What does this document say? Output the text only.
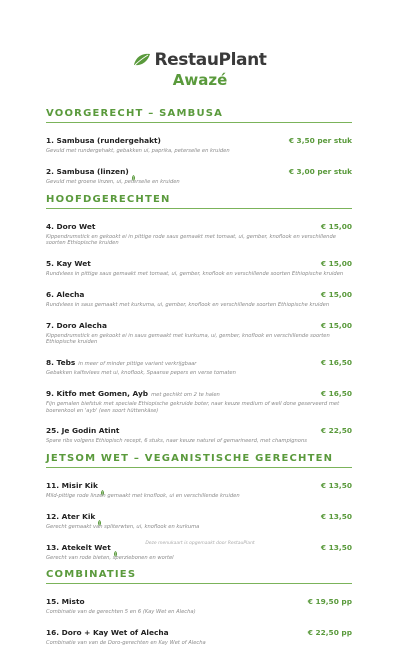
RestauPlant
Awazé
VOORGERECHT – SAMBUSA
1. Sambusa (rundergehakt)	€ 3,50 per stuk
Gevuld met rundergehakt, gebakken ui, paprika, peterselie en kruiden
2. Sambusa (linzen)	€ 3,00 per stuk
Gevuld met groene linzen, ui, peterselie en kruiden
HOOFDGERECHTEN
4. Doro Wet	€ 15,00
Kippendrumstick en gekookt ei in pittige rode saus gemaakt met tomaat, ui, gember, knoflook en verschillende soorten Ethiopische kruiden
5. Kay Wet	€ 15,00
Rundvlees in pittige saus gemaakt met tomaat, ui, gember, knoflook en verschillende soorten Ethiopische kruiden
6. Alecha	€ 15,00
Rundvlees in saus gemaakt met kurkuma, ui, gember, knoflook en verschillende soorten Ethiopische kruiden
7. Doro Alecha	€ 15,00
Kippendrumstick en gekookt ei in saus gemaakt met kurkuma, ui, gember, knoflook en verschillende soorten Ethiopische kruiden
8. Tebs in meer of minder pittige variant verkrijgbaar	€ 16,50
Gebakken kalfsvlees met ui, knoflook, Spaanse pepers en verse tomaten
9. Kitfo met Gomen, Ayb met gechikt om 2 te halen	€ 16,50
Fijn gemalen biefstuk met speciale Ethiopische gekruide boter, naar keuze medium of well done geserveerd met boerenkool en 'ayb' (een soort hüttenkäse)
25. Je Godin Atint	€ 22,50
Spare ribs volgens Ethiopisch recept, 6 stuks, naar keuze naturel of gemarineerd, met champignons
JETSOM WET – VEGANISTISCHE GERECHTEN
11. Misir Kik	€ 13,50
Mild-pittige rode linzen gemaakt met knoflook, ui en verschillende kruiden
12. Ater Kik	€ 13,50
Gerecht gemaakt van spliterwten, ui, knoflook en kurkuma
13. Atekelt Wet	€ 13,50
Gerecht van rode bieten, sperziebonen en wortel
COMBINATIES
15. Misto	€ 19,50 pp
Combinatie van de gerechten 5 en 6 (Kay Wet en Alecha)
16. Doro + Kay Wet of Alecha	€ 22,50 pp
Combinatie van van de Doro-gerechten en Kay Wet of Alecha
Deze menukaart is opgemaakt door RestauPlant
